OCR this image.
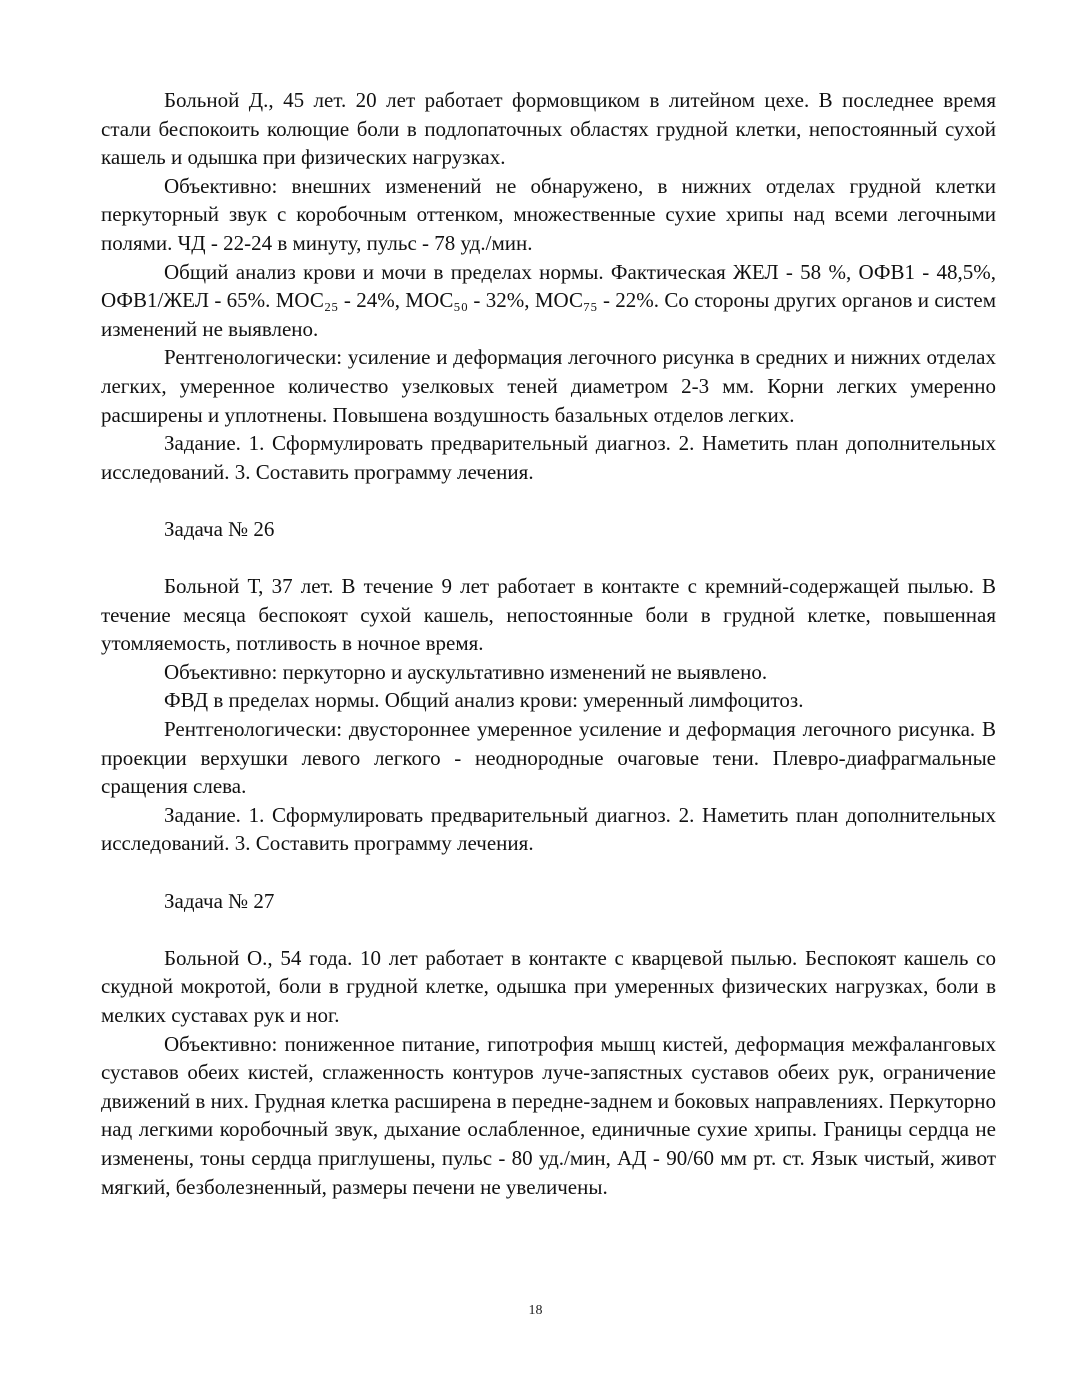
Больной Д., 45 лет. 20 лет работает формовщиком в литейном цехе. В последнее время стали беспокоить колющие боли в подлопаточных областях грудной клетки, непостоянный сухой кашель и одышка при физических нагрузках.

Объективно: внешних изменений не обнаружено, в нижних отделах грудной клетки перкуторный звук с коробочным оттенком, множественные сухие хрипы над всеми легочными полями. ЧД - 22-24 в минуту, пульс - 78 уд./мин.

Общий анализ крови и мочи в пределах нормы. Фактическая ЖЕЛ - 58 %, ОФВ1 - 48,5%, ОФВ1/ЖЕЛ - 65%. МОС₂₅ - 24%, МОС₅₀ - 32%, МОС₇₅ - 22%. Со стороны других органов и систем изменений не выявлено.

Рентгенологически: усиление и деформация легочного рисунка в средних и нижних отделах легких, умеренное количество узелковых теней диаметром 2-3 мм. Корни легких умеренно расширены и уплотнены. Повышена воздушность базальных отделов легких.

Задание. 1. Сформулировать предварительный диагноз. 2. Наметить план дополнительных исследований. 3. Составить программу лечения.

Задача № 26

Больной Т, 37 лет. В течение 9 лет работает в контакте с кремний-содержащей пылью. В течение месяца беспокоят сухой кашель, непостоянные боли в грудной клетке, повышенная утомляемость, потливость в ночное время.

Объективно: перкуторно и аускультативно изменений не выявлено.

ФВД в пределах нормы. Общий анализ крови: умеренный лимфоцитоз.

Рентгенологически: двустороннее умеренное усиление и деформация легочного рисунка. В проекции верхушки левого легкого - неоднородные очаговые тени. Плевро-диафрагмальные сращения слева.

Задание. 1. Сформулировать предварительный диагноз. 2. Наметить план дополнительных исследований. 3. Составить программу лечения.

Задача № 27

Больной О., 54 года. 10 лет работает в контакте с кварцевой пылью. Беспокоят кашель со скудной мокротой, боли в грудной клетке, одышка при умеренных физических нагрузках, боли в мелких суставах рук и ног.

Объективно: пониженное питание, гипотрофия мышц кистей, деформация межфаланговых суставов обеих кистей, сглаженность контуров луче-запястных суставов обеих рук, ограничение движений в них. Грудная клетка расширена в передне-заднем и боковых направлениях. Перкуторно над легкими коробочный звук, дыхание ослабленное, единичные сухие хрипы. Границы сердца не изменены, тоны сердца приглушены, пульс - 80 уд./мин, АД - 90/60 мм рт. ст. Язык чистый, живот мягкий, безболезненный, размеры печени не увеличены.

18
